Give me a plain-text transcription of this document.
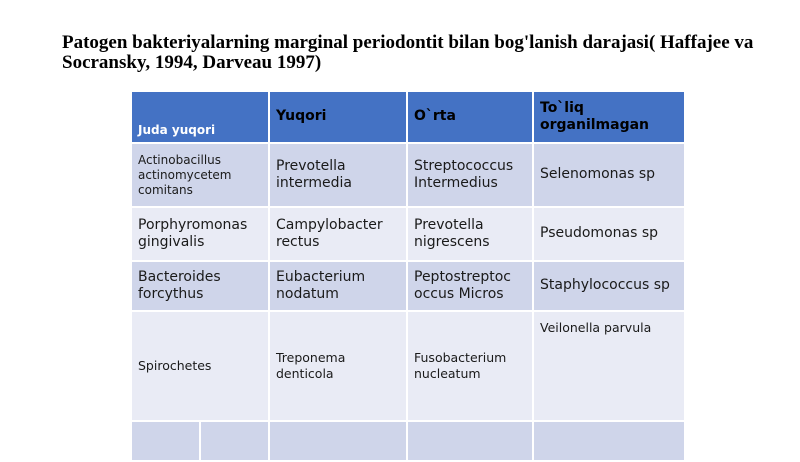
Patogen bakteriyalarning marginal periodontit bilan bog'lanish darajasi( Haffajee va Socransky, 1994, Darveau 1997)
Juda yuqori	Yuqori	O`rta	To`liq organilmagan
Actinobacillus actinomycetem comitans	Prevotella intermedia	Streptococcus Intermedius	Selenomonas sp
Porphyromonas gingivalis	Campylobacter rectus	Prevotella nigrescens	Pseudomonas sp
Bacteroides forcythus	Eubacterium nodatum	Peptostreptoc occus Micros	Staphylococcus sp
Spirochetes	Treponema denticola	Fusobacterium nucleatum	Veilonella parvula
